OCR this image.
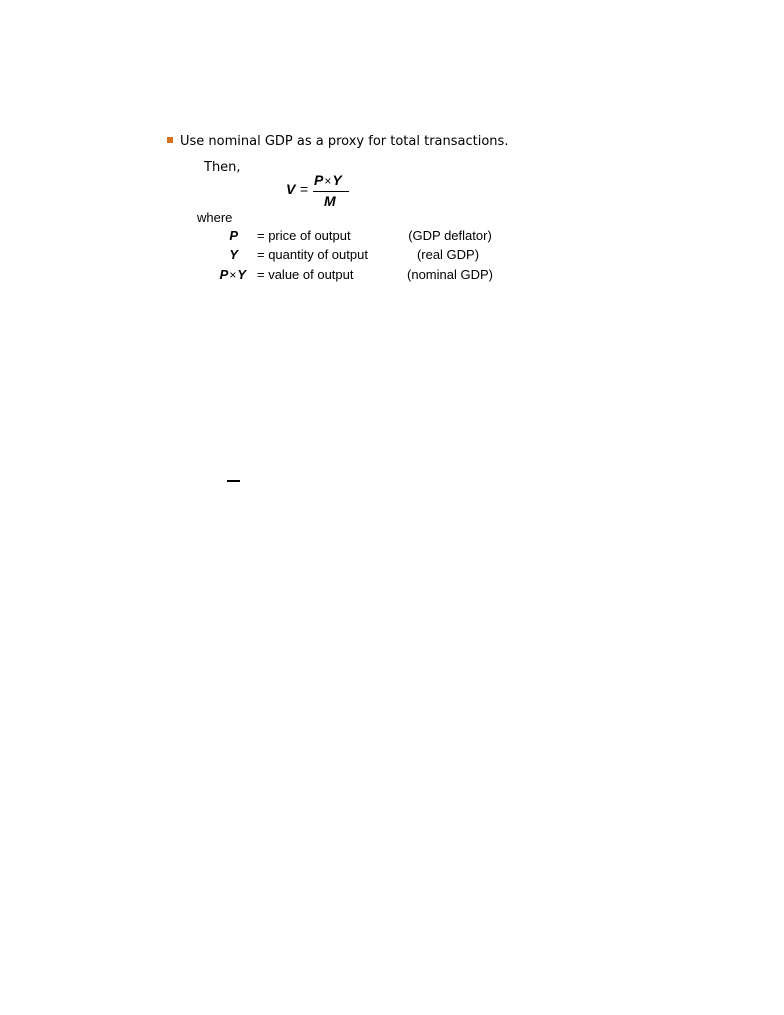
Use nominal GDP as a proxy for total transactions.
Then,
V =
P×Y
M
where
P = price of output	(GDP deflator)
Y = quantity of output	(real GDP)
P×Y = value of output	(nominal GDP)
